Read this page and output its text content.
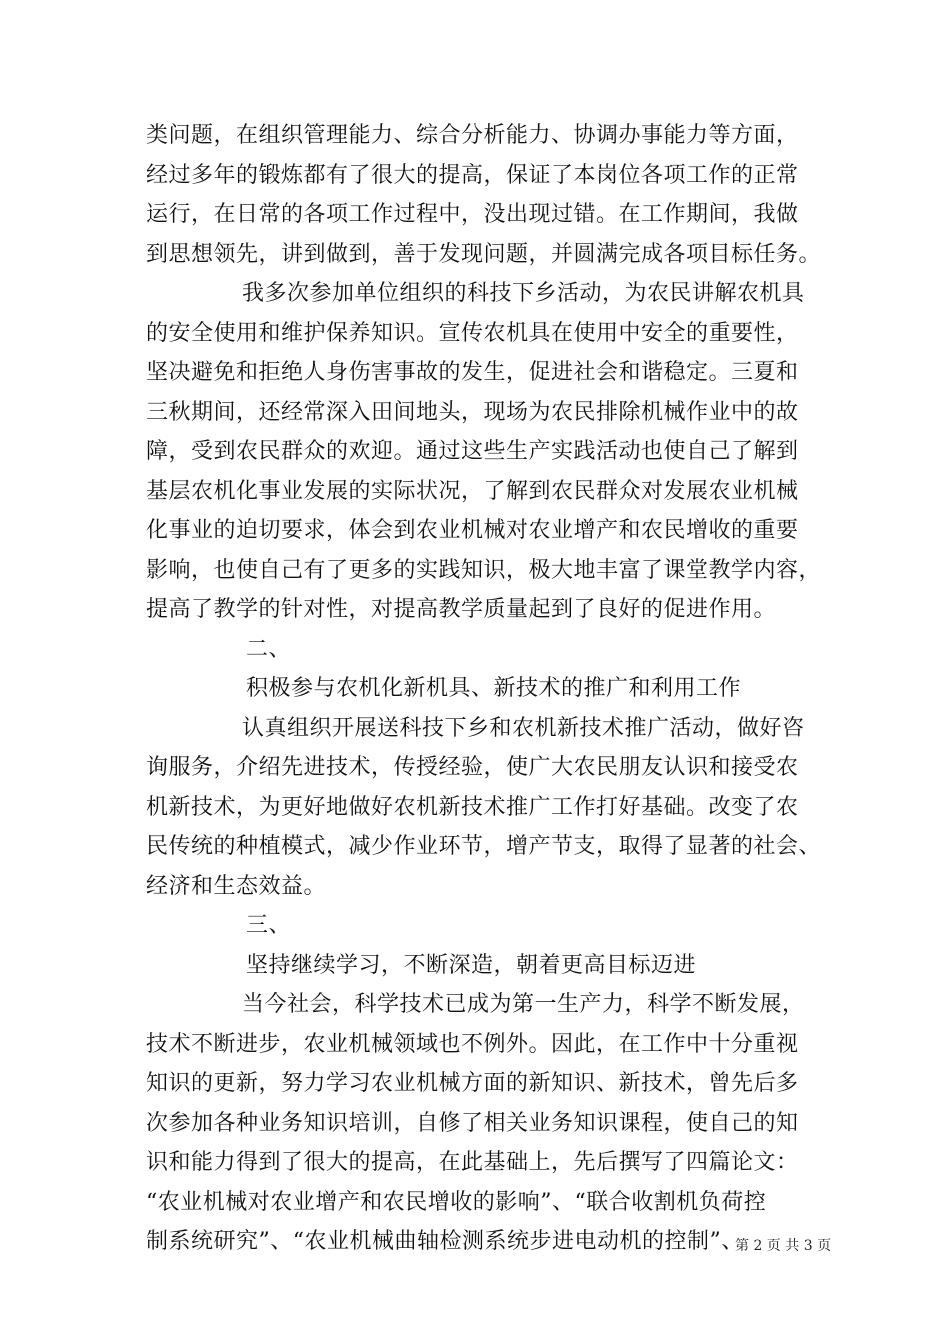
类问题，在组织管理能力、综合分析能力、协调办事能力等方面，
经过多年的锻炼都有了很大的提高，保证了本岗位各项工作的正常
运行，在日常的各项工作过程中，没出现过错。在工作期间，我做
到思想领先，讲到做到，善于发现问题，并圆满完成各项目标任务。
我多次参加单位组织的科技下乡活动，为农民讲解农机具
的安全使用和维护保养知识。宣传农机具在使用中安全的重要性，
坚决避免和拒绝人身伤害事故的发生，促进社会和谐稳定。三夏和
三秋期间，还经常深入田间地头，现场为农民排除机械作业中的故
障，受到农民群众的欢迎。通过这些生产实践活动也使自己了解到
基层农机化事业发展的实际状况，了解到农民群众对发展农业机械
化事业的迫切要求，体会到农业机械对农业增产和农民增收的重要
影响，也使自己有了更多的实践知识，极大地丰富了课堂教学内容，
提高了教学的针对性，对提高教学质量起到了良好的促进作用。
二、
积极参与农机化新机具、新技术的推广和利用工作
认真组织开展送科技下乡和农机新技术推广活动，做好咨
询服务，介绍先进技术，传授经验，使广大农民朋友认识和接受农
机新技术，为更好地做好农机新技术推广工作打好基础。改变了农
民传统的种植模式，减少作业环节，增产节支，取得了显著的社会、
经济和生态效益。
三、
坚持继续学习，不断深造，朝着更高目标迈进
当今社会，科学技术已成为第一生产力，科学不断发展，
技术不断进步，农业机械领域也不例外。因此，在工作中十分重视
知识的更新，努力学习农业机械方面的新知识、新技术，曾先后多
次参加各种业务知识培训，自修了相关业务知识课程，使自己的知
识和能力得到了很大的提高，在此基础上，先后撰写了四篇论文：
“农业机械对农业增产和农民增收的影响”、“联合收割机负荷控
制系统研究”、“农业机械曲轴检测系统步进电动机的控制”、
第 2 页 共 3 页
